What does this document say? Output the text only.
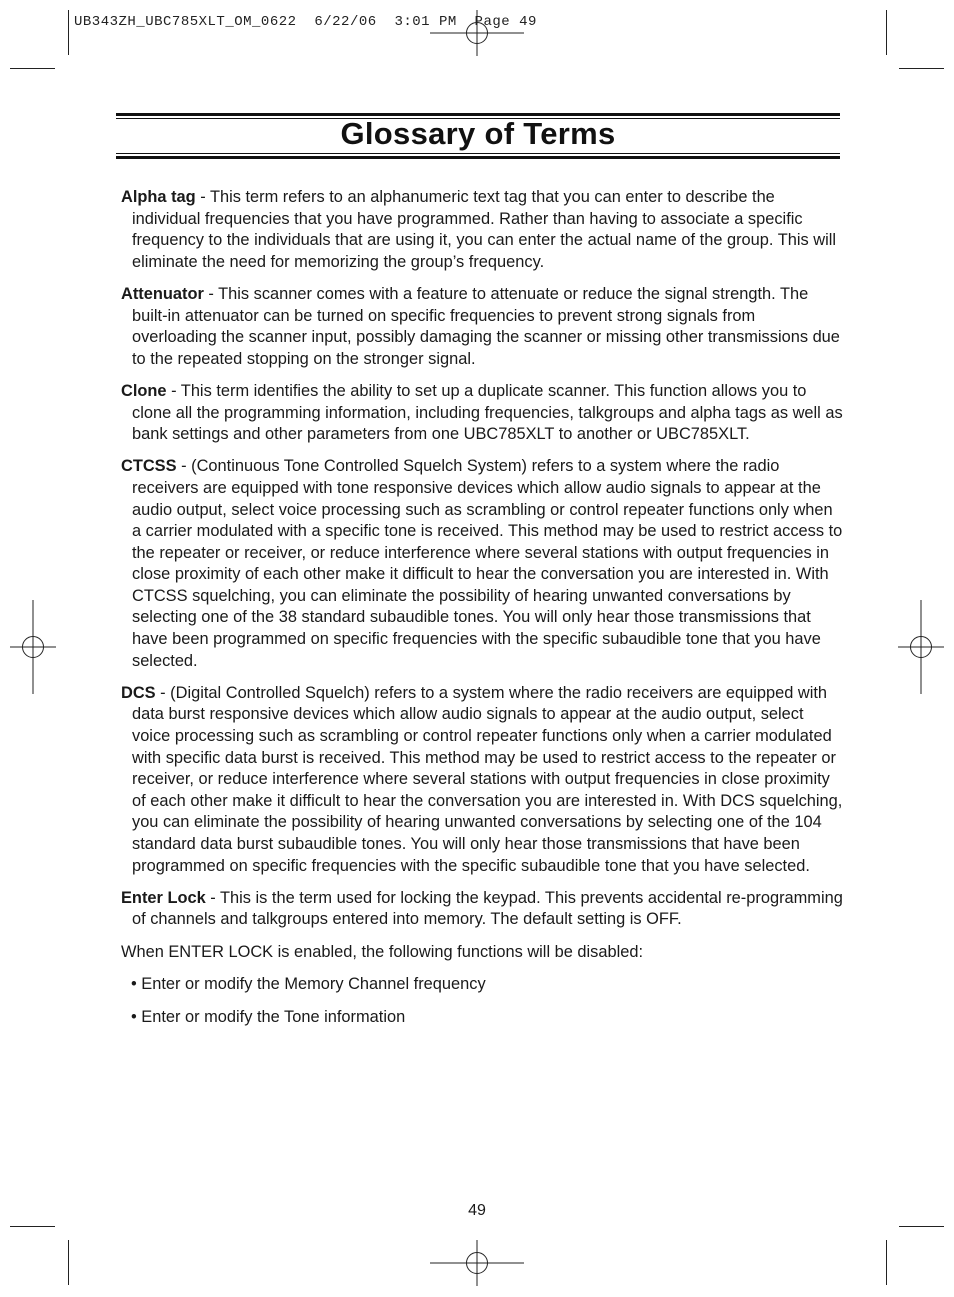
UB343ZH_UBC785XLT_OM_0622  6/22/06  3:01 PM  Page 49
Glossary of Terms

Alpha tag - This term refers to an alphanumeric text tag that you can enter to describe the individual frequencies that you have programmed. Rather than having to associate a specific frequency to the individuals that are using it, you can enter the actual name of the group. This will eliminate the need for memorizing the group’s frequency.

Attenuator - This scanner comes with a feature to attenuate or reduce the signal strength. The built-in attenuator can be turned on specific frequencies to prevent strong signals from overloading the scanner input, possibly damaging the scanner or missing other transmissions due to the repeated stopping on the stronger signal.

Clone - This term identifies the ability to set up a duplicate scanner. This function allows you to clone all the programming information, including frequencies, talkgroups and alpha tags as well as bank settings and other parameters from one UBC785XLT to another or UBC785XLT.

CTCSS - (Continuous Tone Controlled Squelch System) refers to a system where the radio receivers are equipped with tone responsive devices which allow audio signals to appear at the audio output, select voice processing such as scrambling or control repeater functions only when a carrier modulated with a specific tone is received. This method may be used to restrict access to the repeater or receiver, or reduce interference where several stations with output frequencies in close proximity of each other make it difficult to hear the conversation you are interested in. With CTCSS squelching, you can eliminate the possibility of hearing unwanted conversations by selecting one of the 38 standard subaudible tones. You will only hear those transmissions that have been programmed on specific frequencies with the specific subaudible tone that you have selected.

DCS - (Digital Controlled Squelch) refers to a system where the radio receivers are equipped with data burst responsive devices which allow audio signals to appear at the audio output, select voice processing such as scrambling or control repeater functions only when a carrier modulated with specific data burst is received. This method may be used to restrict access to the repeater or receiver, or reduce interference where several stations with output frequencies in close proximity of each other make it difficult to hear the conversation you are interested in. With DCS squelching, you can eliminate the possibility of hearing unwanted conversations by selecting one of the 104 standard data burst subaudible tones. You will only hear those transmissions that have been programmed on specific frequencies with the specific subaudible tone that you have selected.

Enter Lock - This is the term used for locking the keypad. This prevents accidental re-programming of channels and talkgroups entered into memory. The default setting is OFF.

When ENTER LOCK is enabled, the following functions will be disabled:

• Enter or modify the Memory Channel frequency

• Enter or modify the Tone information

49
